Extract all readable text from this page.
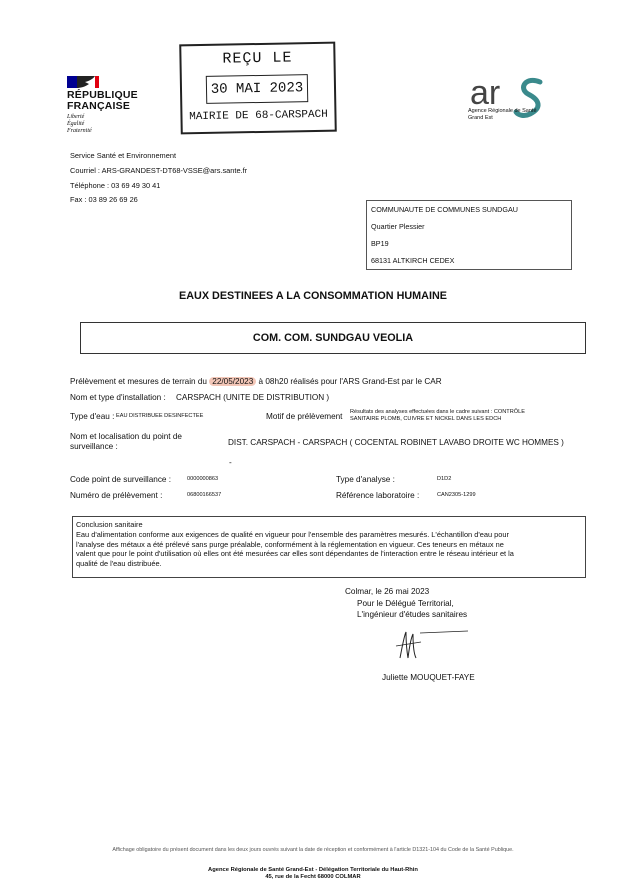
RÉPUBLIQUE
FRANÇAISE
Liberté
Égalité
Fraternité
REÇU LE
30 MAI 2023
MAIRIE DE 68-CARSPACH
ar
Agence Régionale de Santé
Grand Est
Service Santé et Environnement
Courriel : ARS-GRANDEST-DT68-VSSE@ars.sante.fr
Téléphone : 03 69 49 30 41
Fax : 03 89 26 69 26
COMMUNAUTE DE COMMUNES SUNDGAU
Quartier Plessier
BP19
68131 ALTKIRCH CEDEX
EAUX DESTINEES A LA CONSOMMATION HUMAINE
COM. COM. SUNDGAU VEOLIA
Prélèvement et mesures de terrain du 22/05/2023 à 08h20 réalisés pour l'ARS Grand-Est par le CAR
Nom et type d'installation : CARSPACH (UNITE DE DISTRIBUTION )
Type d'eau : EAU DISTRIBUEE DESINFECTEE	Motif de prélèvement Résultats des analyses effectuées dans le cadre suivant : CONTRÔLE
SANITAIRE PLOMB, CUIVRE ET NICKEL DANS LES EDCH
Nom et localisation du point de
surveillance :	DIST. CARSPACH - CARSPACH ( COCENTAL ROBINET LAVABO DROITE WC HOMMES )
-
Code point de surveillance :	0000000863	Type d'analyse :	D1D2
Numéro de prélèvement :	06800166537	Référence laboratoire :	CAN2305-1299
Conclusion sanitaire
Eau d'alimentation conforme aux exigences de qualité en vigueur pour l'ensemble des paramètres mesurés. L'échantillon d'eau pour
l'analyse des métaux a été prélevé sans purge préalable, conformément à la réglementation en vigueur. Ces teneurs en métaux ne
valent que pour le point d'utilisation où elles ont été mesurées car elles sont dépendantes de l'interaction entre le réseau intérieur et la
qualité de l'eau distribuée.
Colmar, le 26 mai 2023
Pour le Délégué Territorial,
L'ingénieur d'études sanitaires
Juliette MOUQUET-FAYE
Affichage obligatoire du présent document dans les deux jours ouvrés suivant la date de réception et conformément à l'article D1321-104 du Code de la Santé Publique.
Agence Régionale de Santé Grand-Est - Délégation Territoriale du Haut-Rhin
45, rue de la Fecht 68000 COLMAR
